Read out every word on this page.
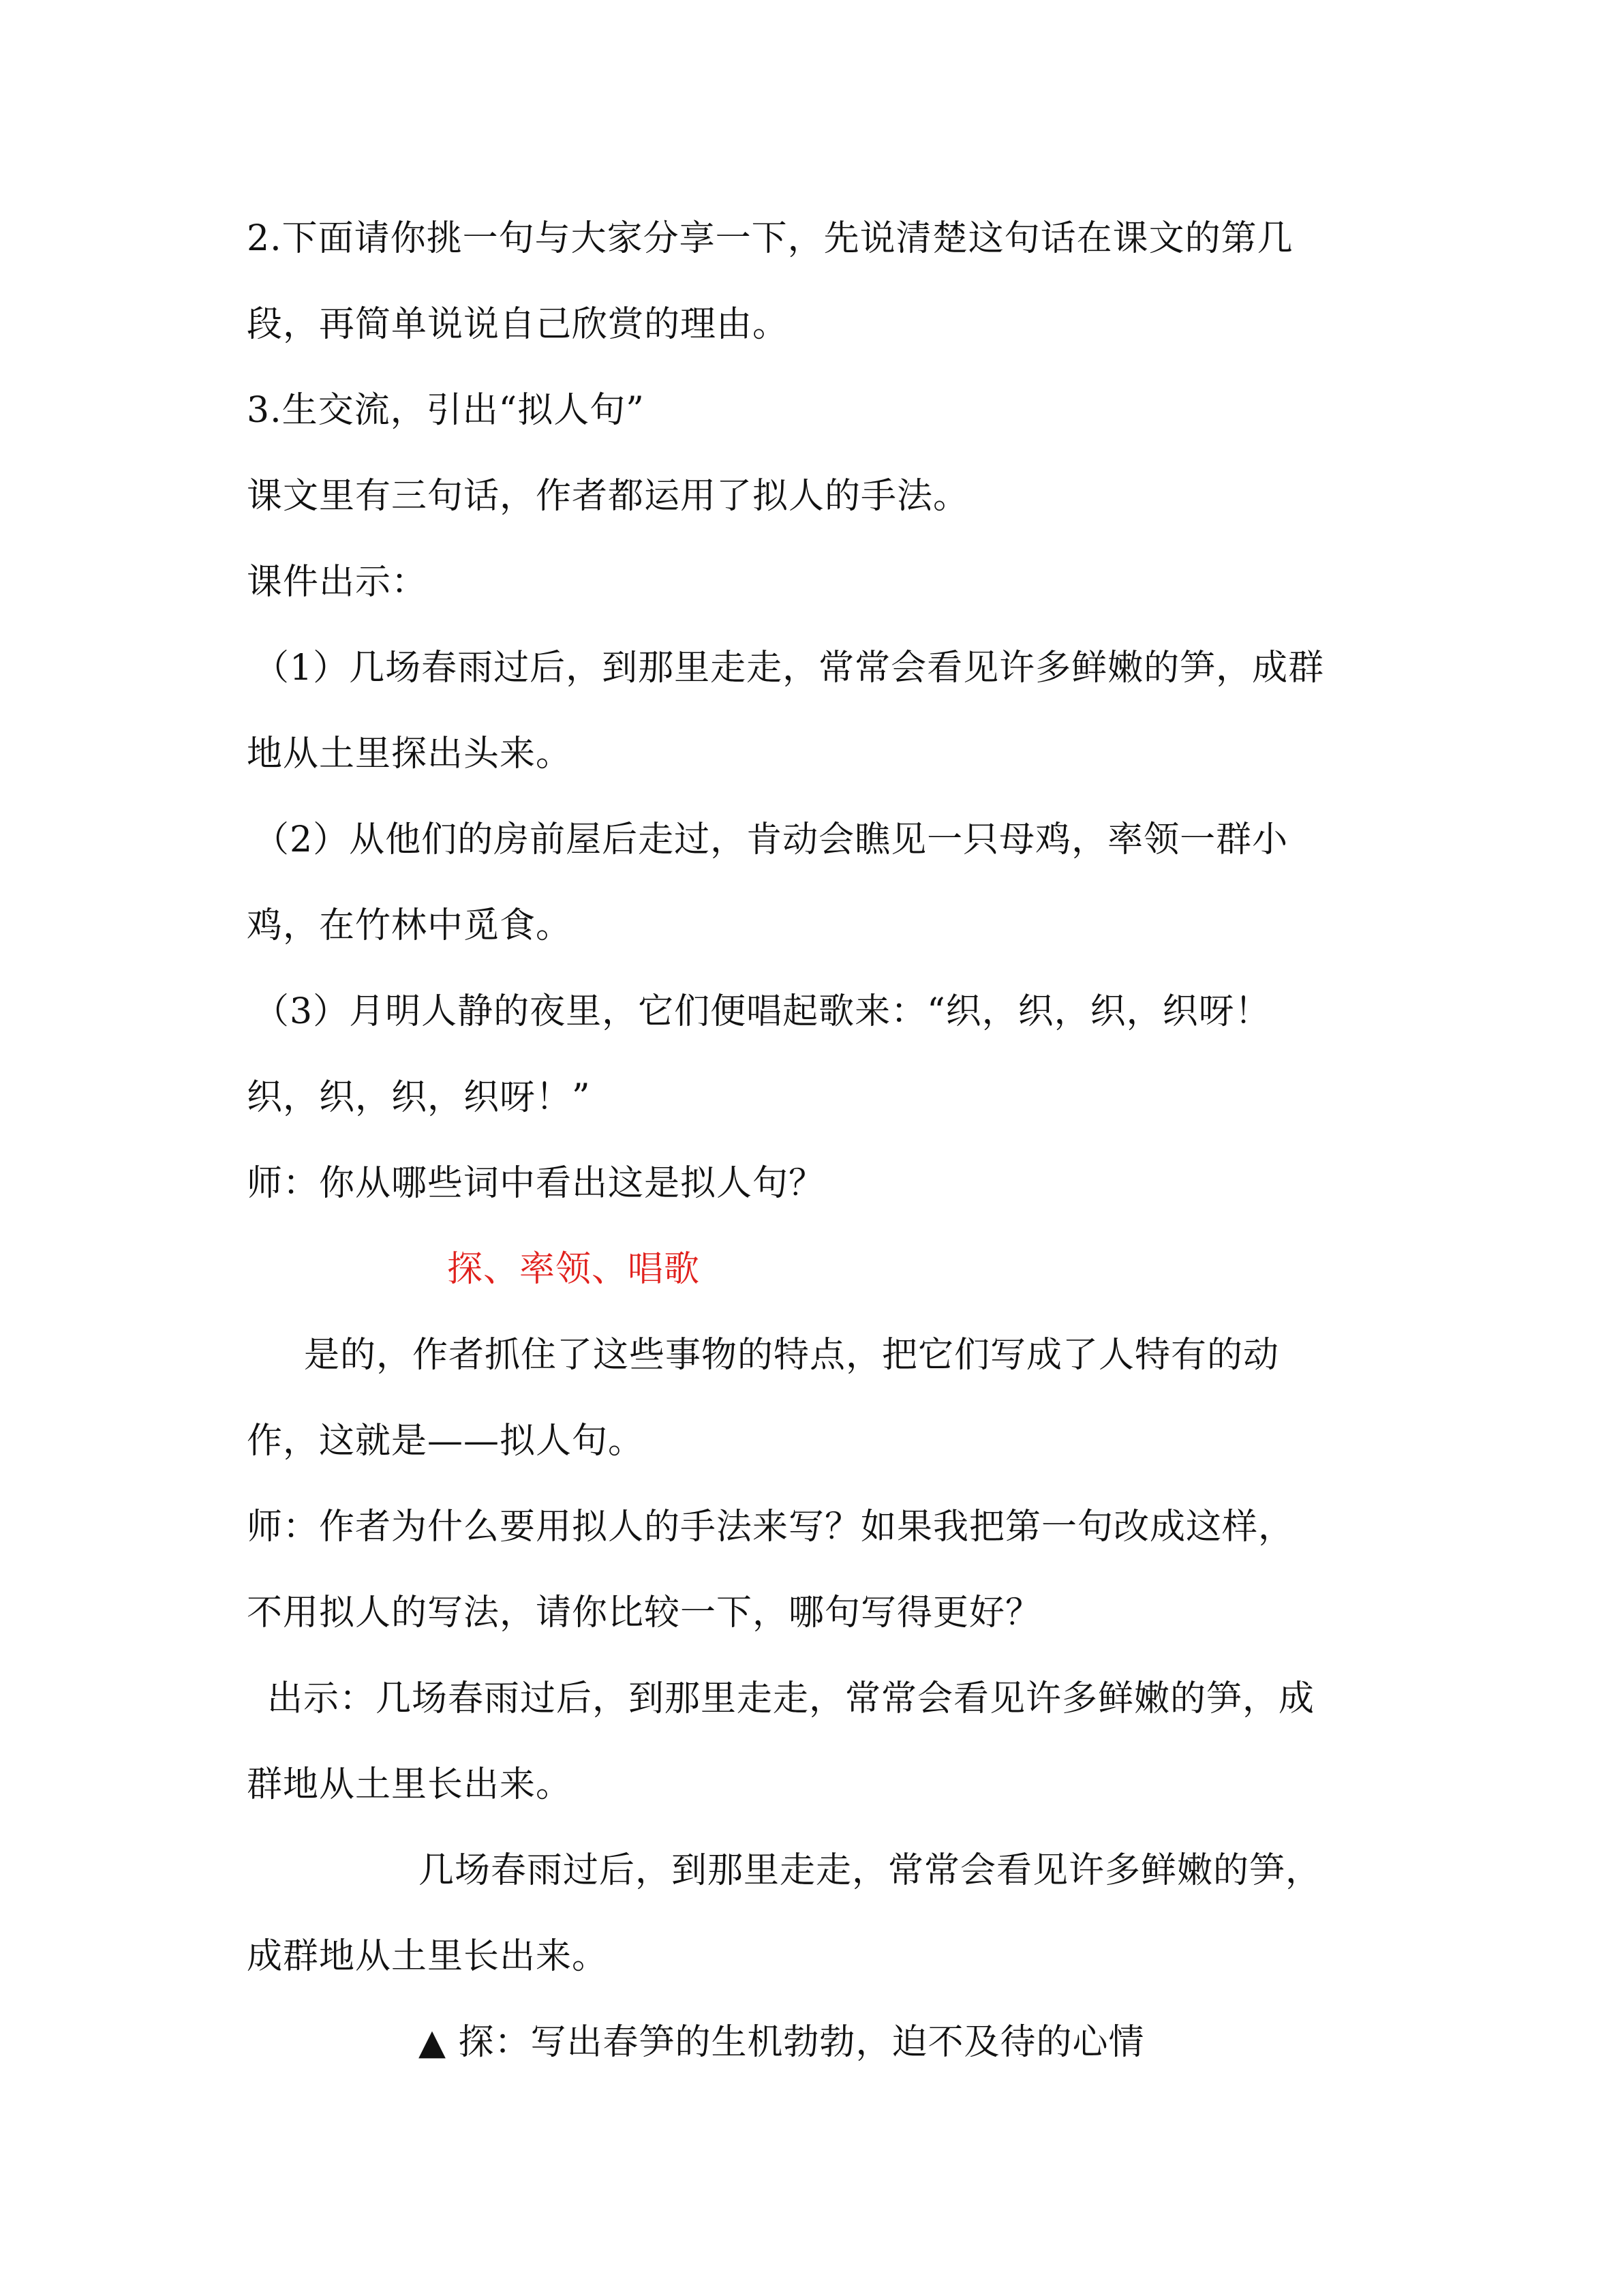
2.下面请你挑一句与大家分享一下，先说清楚这句话在课文的第几
段，再简单说说自己欣赏的理由。
3.生交流，引出“拟人句”
课文里有三句话，作者都运用了拟人的手法。
课件出示：
（1）几场春雨过后，到那里走走，常常会看见许多鲜嫩的笋，成群
地从土里探出头来。
（2）从他们的房前屋后走过，肯动会瞧见一只母鸡，率领一群小
鸡，在竹林中觅食。
（3）月明人静的夜里，它们便唱起歌来：“织，织，织，织呀！
织，织，织，织呀！”
师：你从哪些词中看出这是拟人句？
探、率领、唱歌
是的，作者抓住了这些事物的特点，把它们写成了人特有的动
作，这就是——拟人句。
师：作者为什么要用拟人的手法来写？如果我把第一句改成这样，
不用拟人的写法，请你比较一下，哪句写得更好？
出示：几场春雨过后，到那里走走，常常会看见许多鲜嫩的笋，成
群地从土里长出来。
几场春雨过后，到那里走走，常常会看见许多鲜嫩的笋，
成群地从土里长出来。
▲ 探：写出春笋的生机勃勃，迫不及待的心情
